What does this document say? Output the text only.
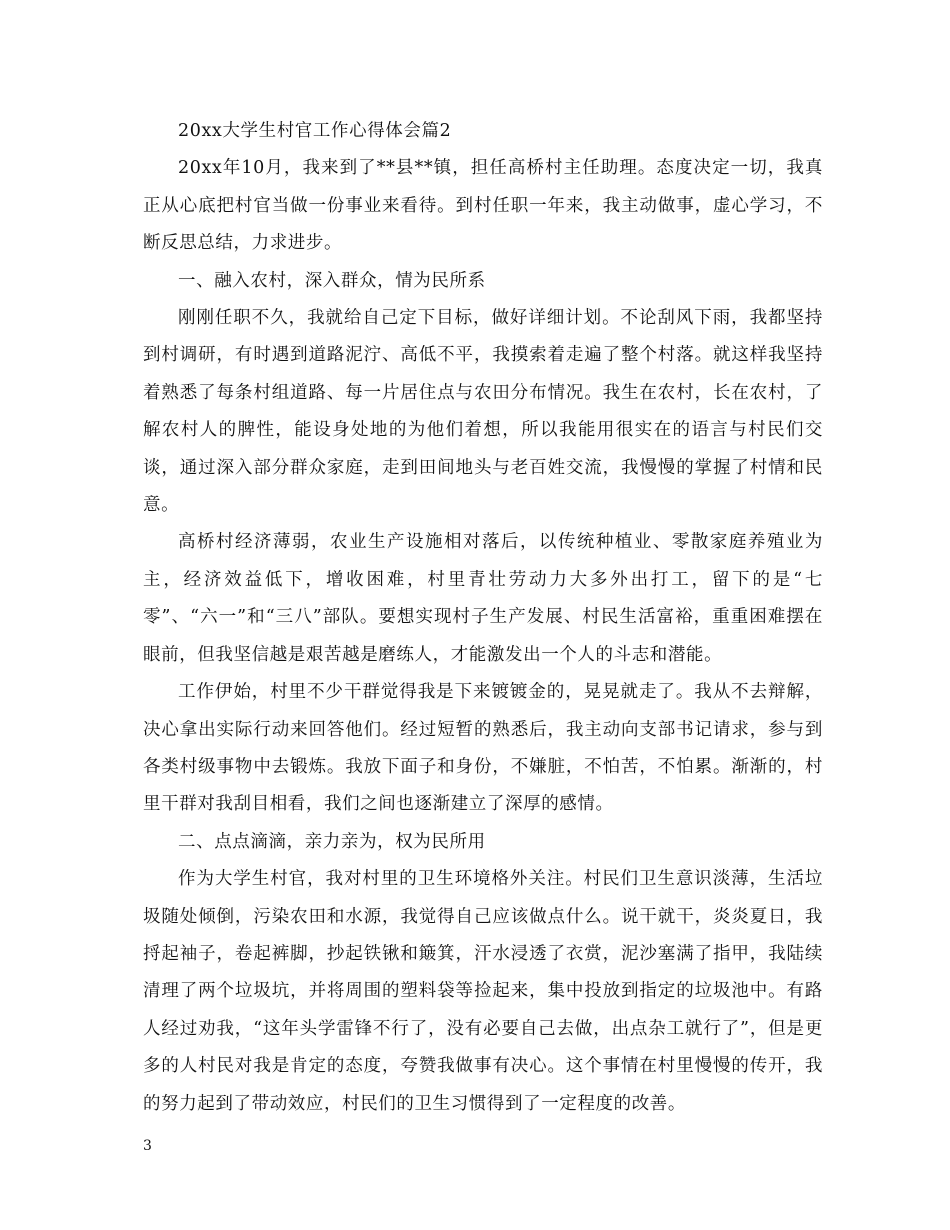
20xx大学生村官工作心得体会篇2

20xx年10月，我来到了**县**镇，担任高桥村主任助理。态度决定一切，我真正从心底把村官当做一份事业来看待。到村任职一年来，我主动做事，虚心学习，不断反思总结，力求进步。

一、融入农村，深入群众，情为民所系

刚刚任职不久，我就给自己定下目标，做好详细计划。不论刮风下雨，我都坚持到村调研，有时遇到道路泥泞、高低不平，我摸索着走遍了整个村落。就这样我坚持着熟悉了每条村组道路、每一片居住点与农田分布情况。我生在农村，长在农村，了解农村人的脾性，能设身处地的为他们着想，所以我能用很实在的语言与村民们交谈，通过深入部分群众家庭，走到田间地头与老百姓交流，我慢慢的掌握了村情和民意。

高桥村经济薄弱，农业生产设施相对落后，以传统种植业、零散家庭养殖业为主，经济效益低下，增收困难，村里青壮劳动力大多外出打工，留下的是“七零”、“六一”和“三八”部队。要想实现村子生产发展、村民生活富裕，重重困难摆在眼前，但我坚信越是艰苦越是磨练人，才能激发出一个人的斗志和潜能。

工作伊始，村里不少干群觉得我是下来镀镀金的，晃晃就走了。我从不去辩解，决心拿出实际行动来回答他们。经过短暂的熟悉后，我主动向支部书记请求，参与到各类村级事物中去锻炼。我放下面子和身份，不嫌脏，不怕苦，不怕累。渐渐的，村里干群对我刮目相看，我们之间也逐渐建立了深厚的感情。

二、点点滴滴，亲力亲为，权为民所用

作为大学生村官，我对村里的卫生环境格外关注。村民们卫生意识淡薄，生活垃圾随处倾倒，污染农田和水源，我觉得自己应该做点什么。说干就干，炎炎夏日，我捋起袖子，卷起裤脚，抄起铁锹和簸箕，汗水浸透了衣赏，泥沙塞满了指甲，我陆续清理了两个垃圾坑，并将周围的塑料袋等捡起来，集中投放到指定的垃圾池中。有路人经过劝我，“这年头学雷锋不行了，没有必要自己去做，出点杂工就行了”，但是更多的人村民对我是肯定的态度，夸赞我做事有决心。这个事情在村里慢慢的传开，我的努力起到了带动效应，村民们的卫生习惯得到了一定程度的改善。

3
